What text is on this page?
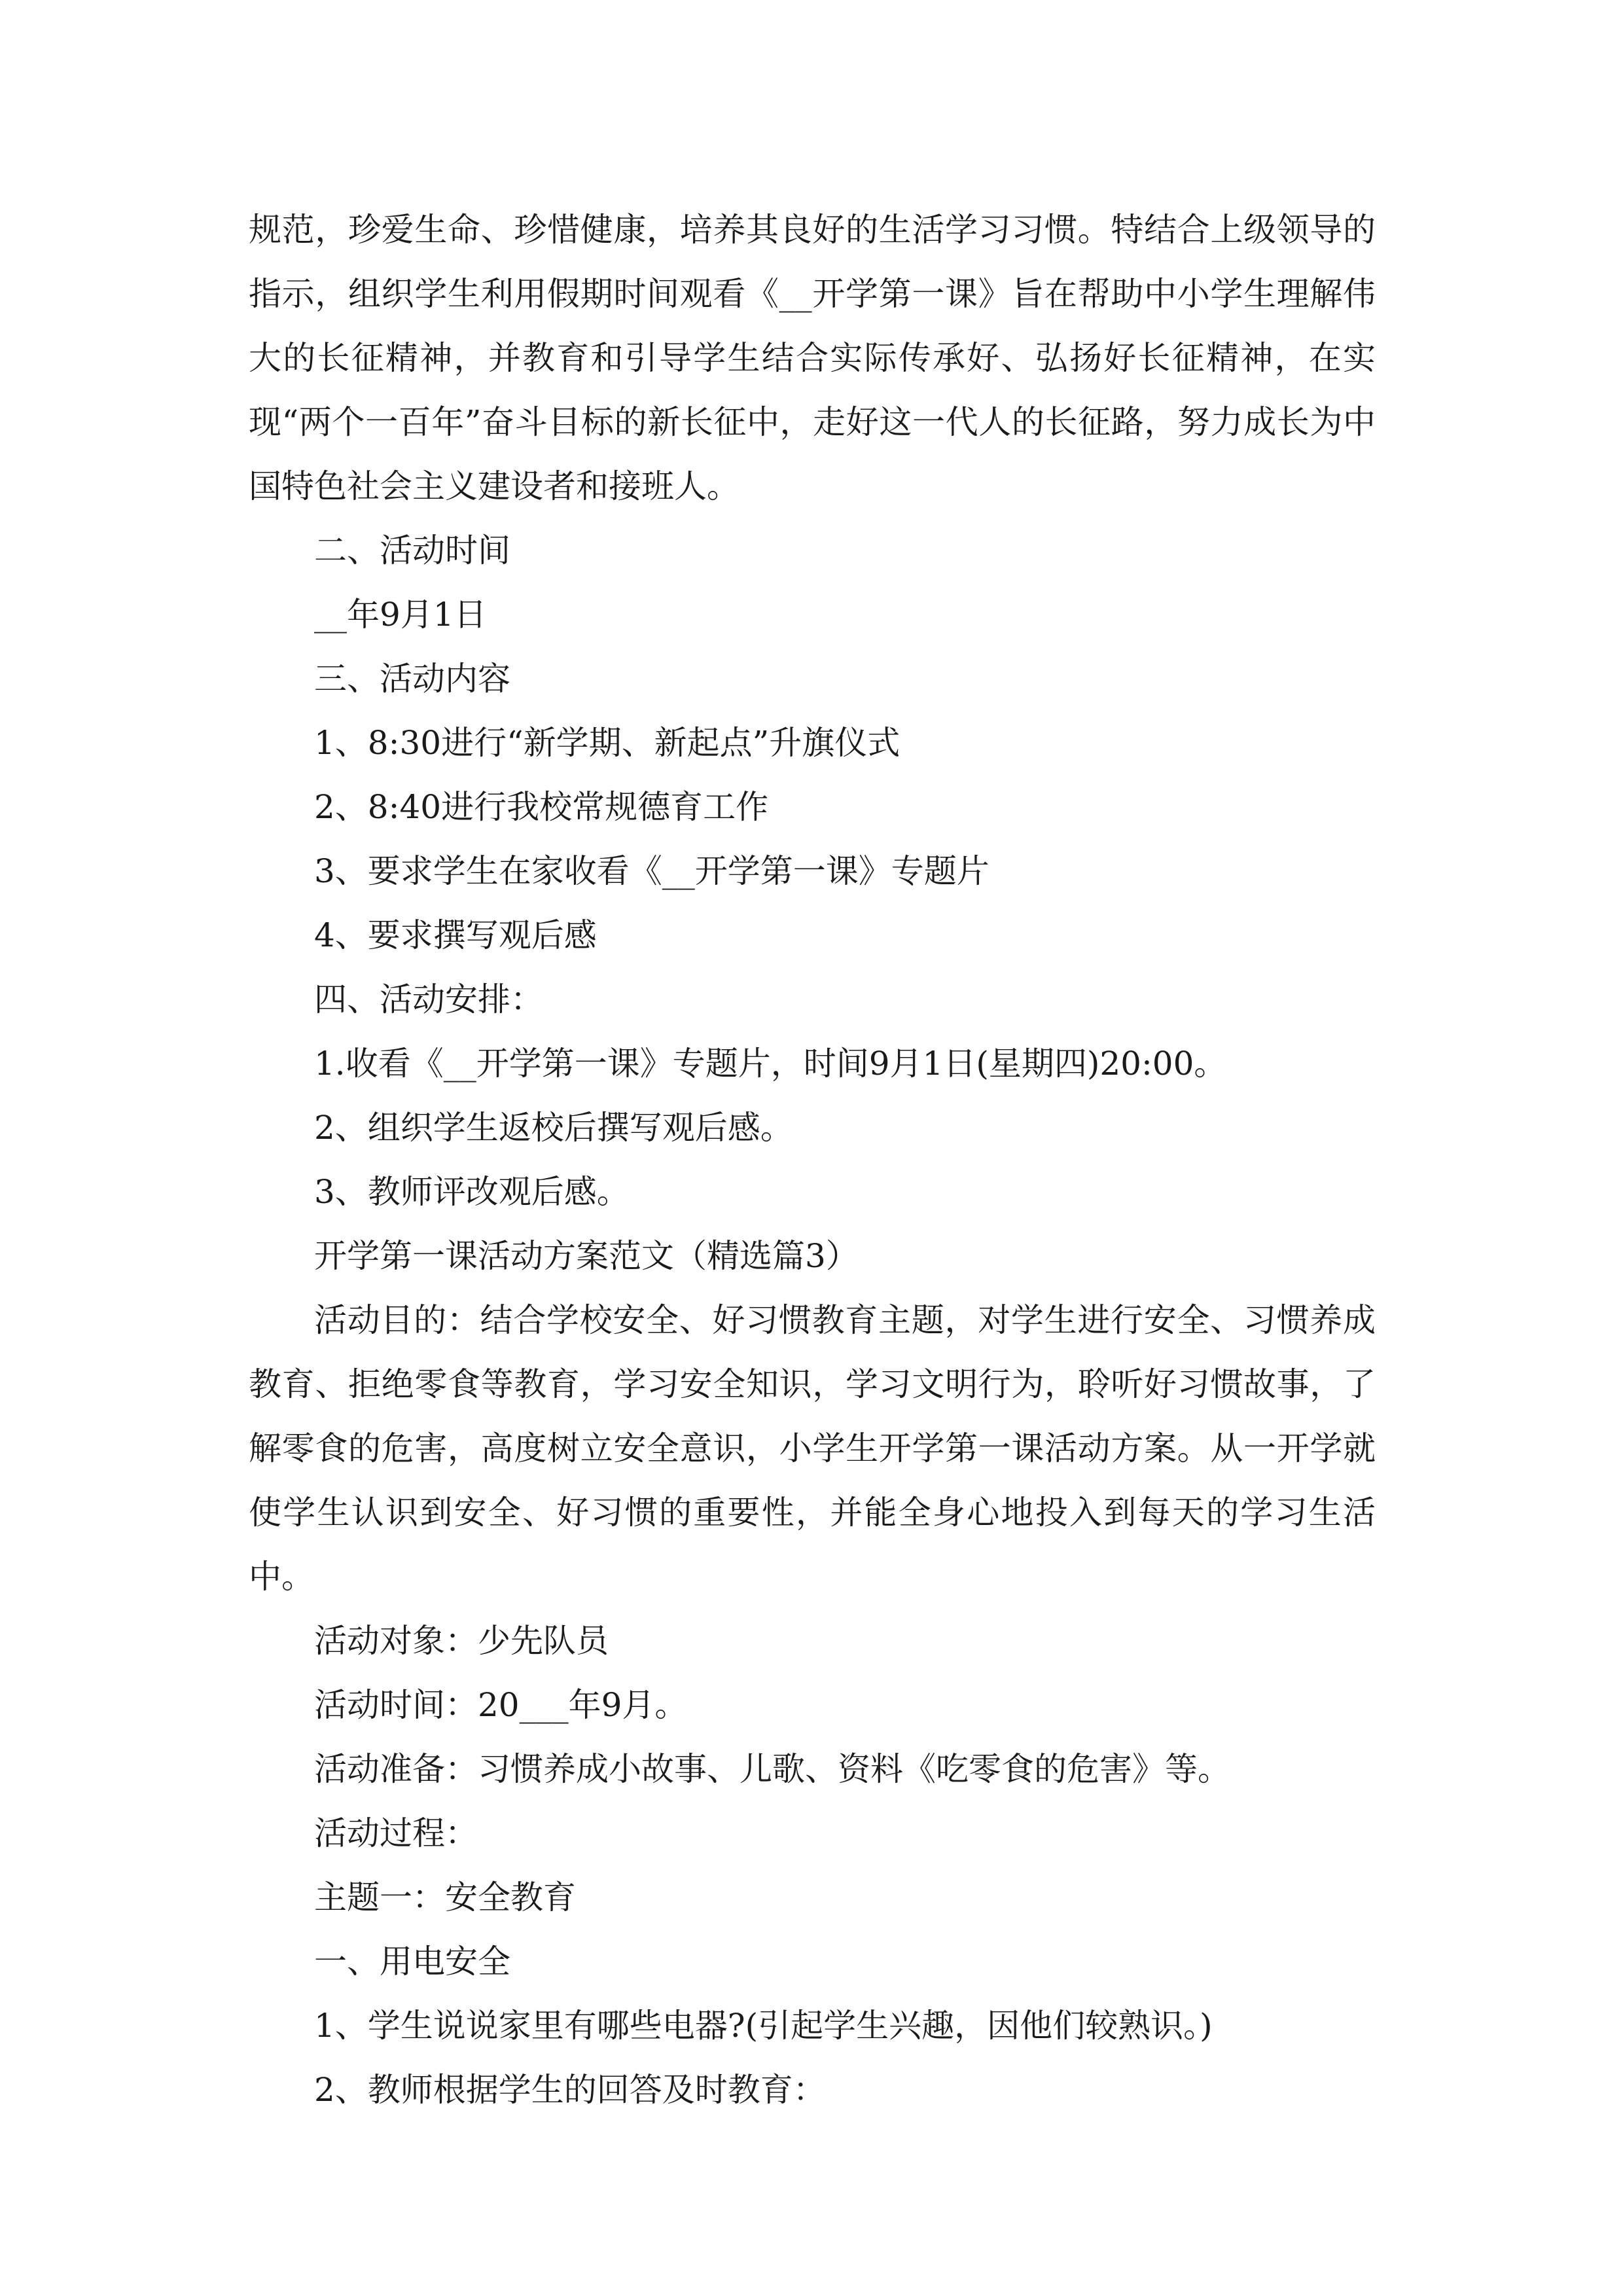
规范，珍爱生命、珍惜健康，培养其良好的生活学习习惯。特结合上级领导的指示，组织学生利用假期时间观看《__开学第一课》旨在帮助中小学生理解伟大的长征精神，并教育和引导学生结合实际传承好、弘扬好长征精神，在实现“两个一百年”奋斗目标的新长征中，走好这一代人的长征路，努力成长为中国特色社会主义建设者和接班人。

二、活动时间

__年9月1日

三、活动内容

1、8:30进行“新学期、新起点”升旗仪式

2、8:40进行我校常规德育工作

3、要求学生在家收看《__开学第一课》专题片

4、要求撰写观后感

四、活动安排：

1.收看《__开学第一课》专题片，时间9月1日(星期四)20:00。

2、组织学生返校后撰写观后感。

3、教师评改观后感。

开学第一课活动方案范文（精选篇3）

活动目的：结合学校安全、好习惯教育主题，对学生进行安全、习惯养成教育、拒绝零食等教育，学习安全知识，学习文明行为，聆听好习惯故事，了解零食的危害，高度树立安全意识，小学生开学第一课活动方案。从一开学就使学生认识到安全、好习惯的重要性，并能全身心地投入到每天的学习生活中。

活动对象：少先队员

活动时间：20___年9月。

活动准备：习惯养成小故事、儿歌、资料《吃零食的危害》等。

活动过程：

主题一：安全教育

一、用电安全

1、学生说说家里有哪些电器?(引起学生兴趣，因他们较熟识。)

2、教师根据学生的回答及时教育：
